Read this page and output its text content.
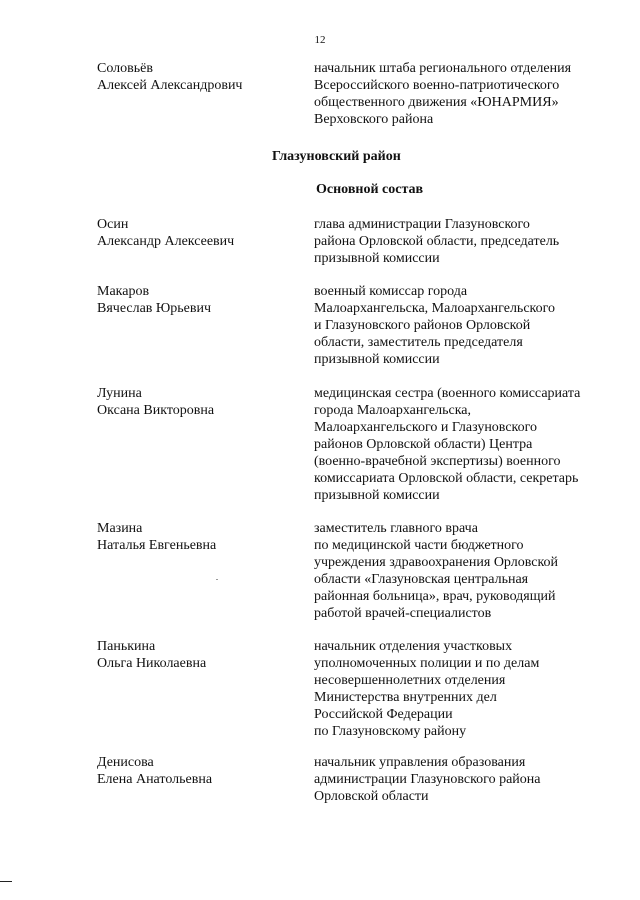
12
Соловьёв
Алексей Александрович
начальник штаба регионального отделения
Всероссийского военно-патриотического
общественного движения «ЮНАРМИЯ»
Верховского района
Глазуновский район
Основной состав
Осин
Александр Алексеевич
глава администрации Глазуновского
района Орловской области, председатель
призывной комиссии
Макаров
Вячеслав Юрьевич
военный комиссар города
Малоархангельска, Малоархангельского
и Глазуновского районов Орловской
области, заместитель председателя
призывной комиссии
Лунина
Оксана Викторовна
медицинская сестра (военного комиссариата
города Малоархангельска,
Малоархангельского и Глазуновского
районов Орловской области) Центра
(военно-врачебной экспертизы) военного
комиссариата Орловской области, секретарь
призывной комиссии
Мазина
Наталья Евгеньевна
заместитель главного врача
по медицинской части бюджетного
учреждения здравоохранения Орловской
области «Глазуновская центральная
районная больница», врач, руководящий
работой врачей-специалистов
Панькина
Ольга Николаевна
начальник отделения участковых
уполномоченных полиции и по делам
несовершеннолетних отделения
Министерства внутренних дел
Российской Федерации
по Глазуновскому району
Денисова
Елена Анатольевна
начальник управления образования
администрации Глазуновского района
Орловской области
